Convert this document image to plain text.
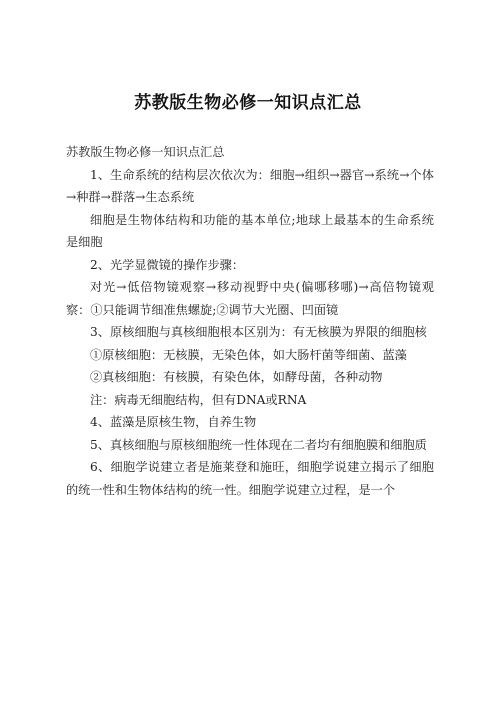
苏教版生物必修一知识点汇总

苏教版生物必修一知识点汇总

1、生命系统的结构层次依次为：细胞→组织→器官→系统→个体→种群→群落→生态系统

细胞是生物体结构和功能的基本单位;地球上最基本的生命系统是细胞

2、光学显微镜的操作步骤：

对光→低倍物镜观察→移动视野中央(偏哪移哪)→高倍物镜观察：①只能调节细准焦螺旋;②调节大光圈、凹面镜

3、原核细胞与真核细胞根本区别为：有无核膜为界限的细胞核

①原核细胞：无核膜，无染色体，如大肠杆菌等细菌、蓝藻

②真核细胞：有核膜，有染色体，如酵母菌，各种动物

注：病毒无细胞结构，但有DNA或RNA

4、蓝藻是原核生物，自养生物

5、真核细胞与原核细胞统一性体现在二者均有细胞膜和细胞质

6、细胞学说建立者是施莱登和施旺，细胞学说建立揭示了细胞的统一性和生物体结构的统一性。细胞学说建立过程，是一个
